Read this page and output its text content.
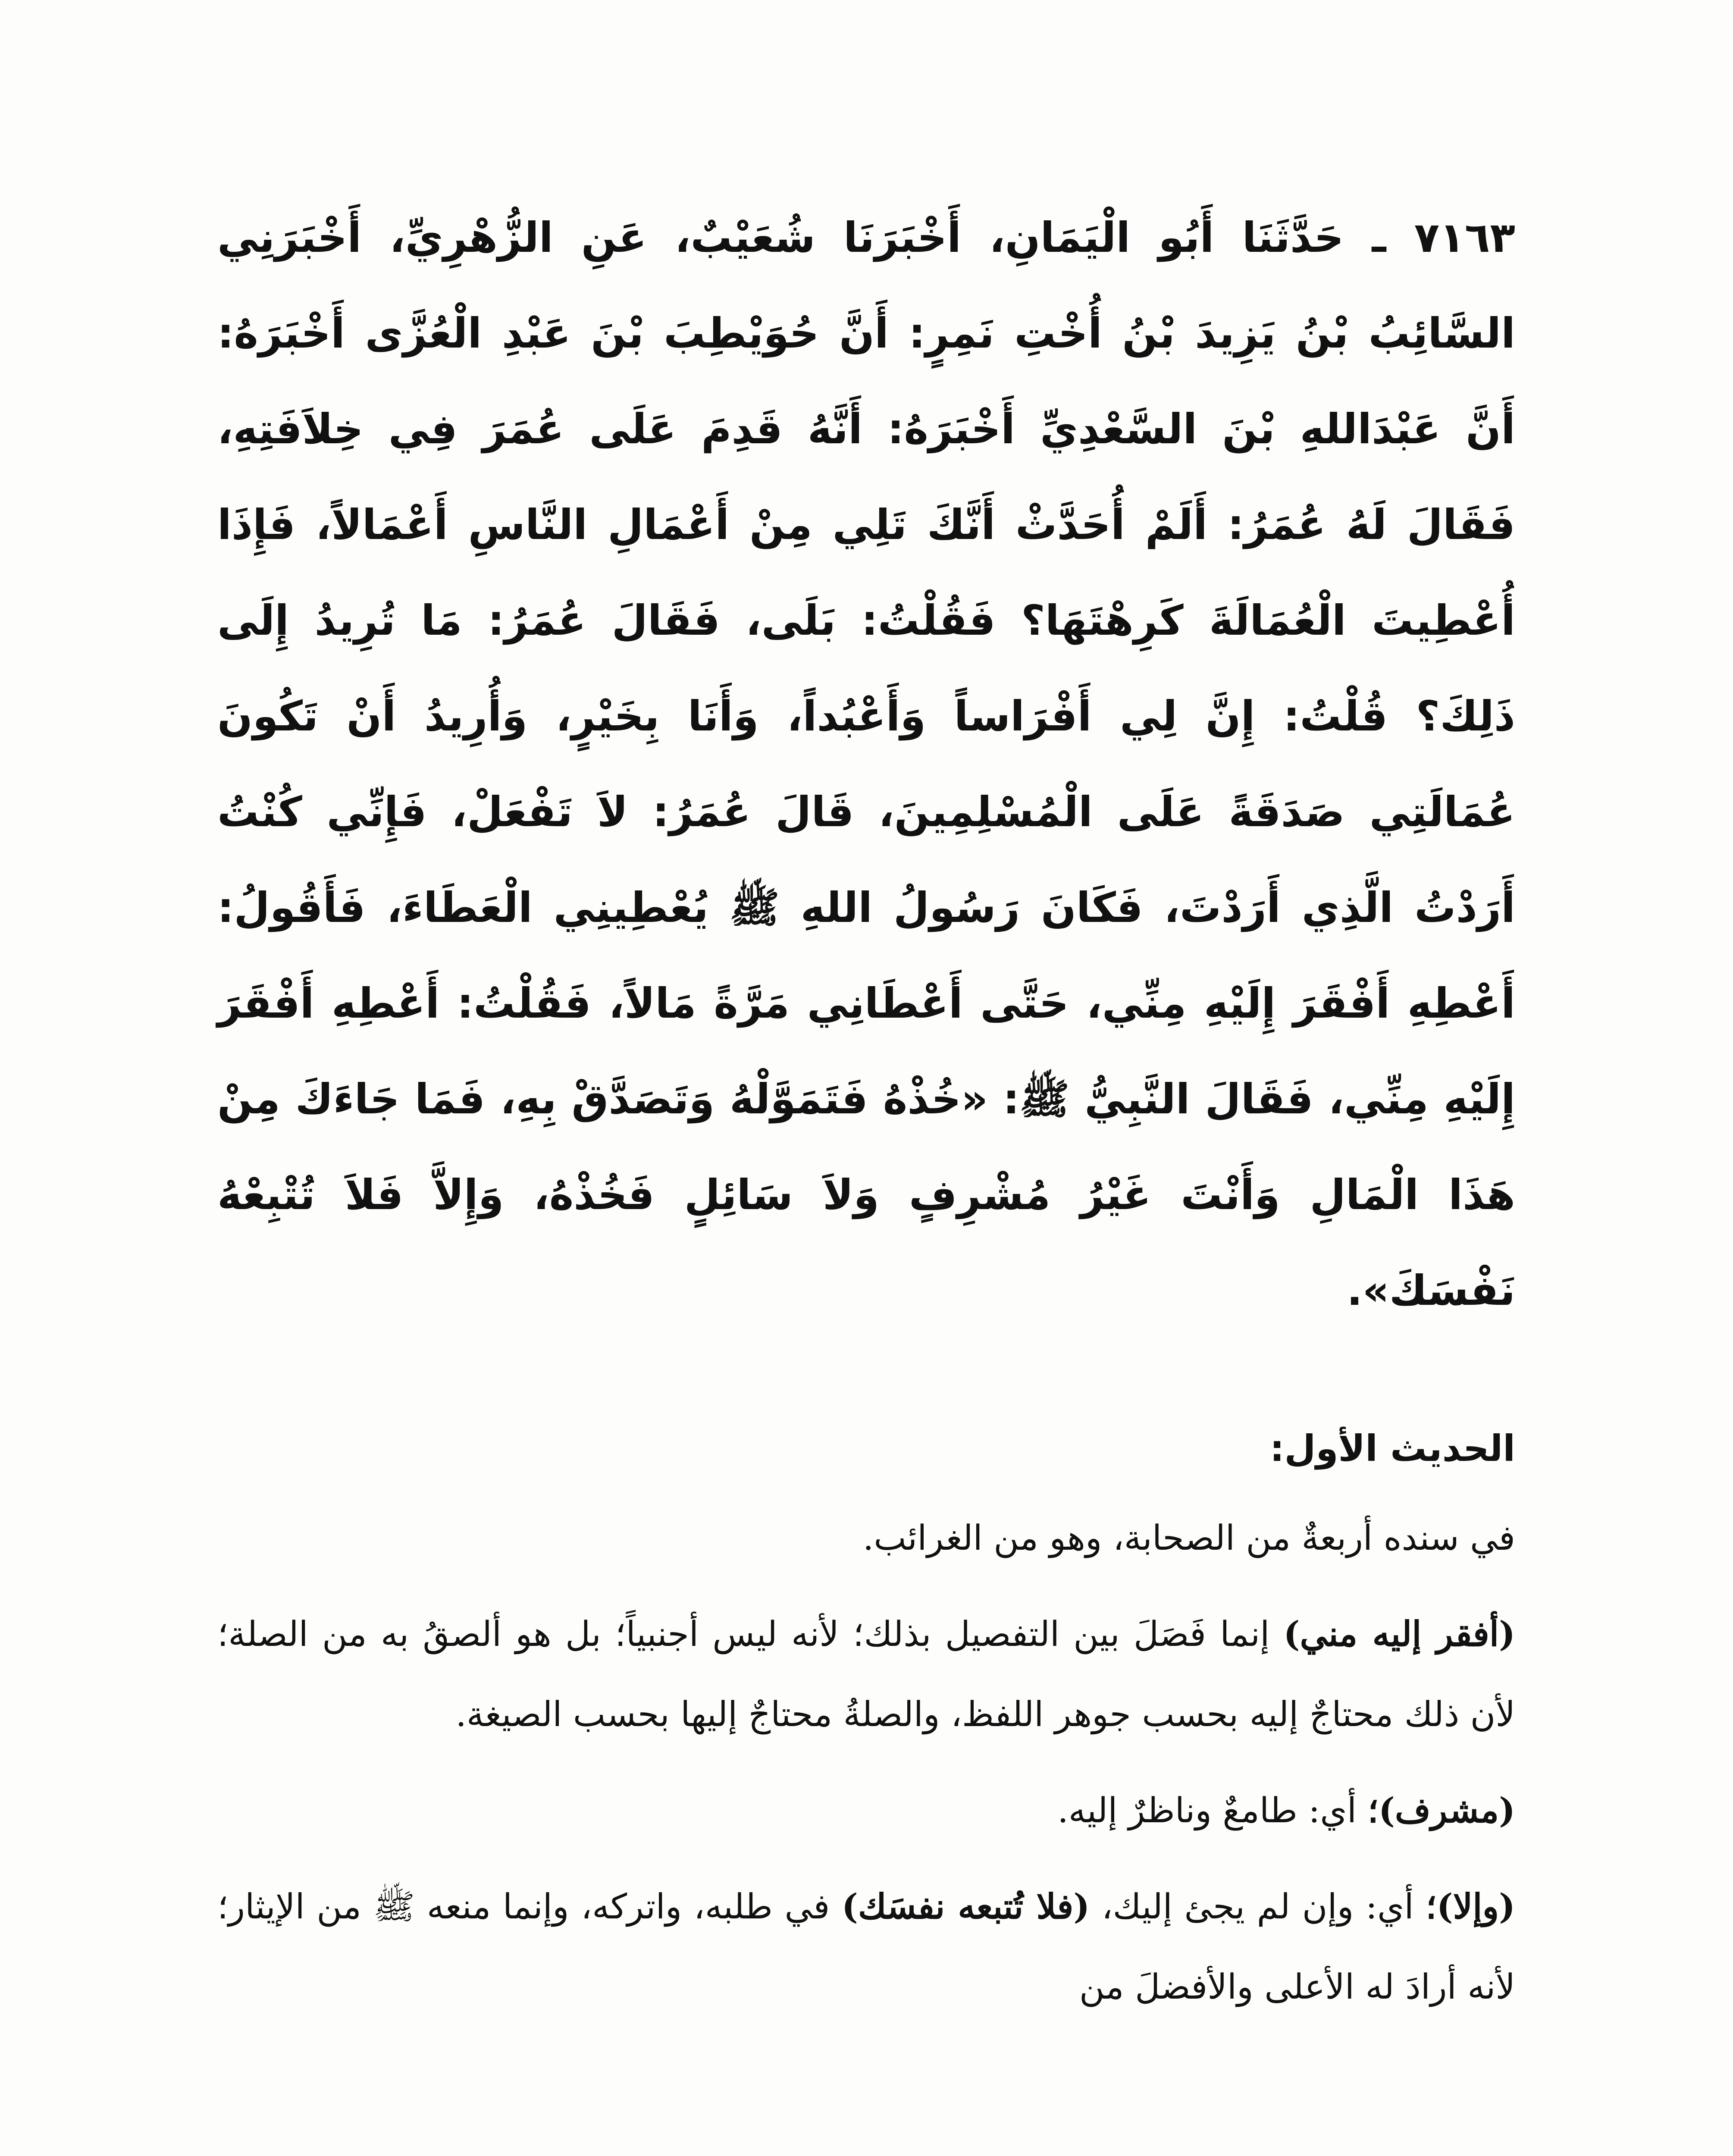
٧١٦٣ ـ حَدَّثَنَا أَبُو الْيَمَانِ، أَخْبَرَنَا شُعَيْبٌ، عَنِ الزُّهْرِيِّ، أَخْبَرَنِي السَّائِبُ بْنُ يَزِيدَ بْنُ أُخْتِ نَمِرٍ: أَنَّ حُوَيْطِبَ بْنَ عَبْدِ الْعُزَّى أَخْبَرَهُ: أَنَّ عَبْدَاللهِ بْنَ السَّعْدِيِّ أَخْبَرَهُ: أَنَّهُ قَدِمَ عَلَى عُمَرَ فِي خِلاَفَتِهِ، فَقَالَ لَهُ عُمَرُ: أَلَمْ أُحَدَّثْ أَنَّكَ تَلِي مِنْ أَعْمَالِ النَّاسِ أَعْمَالاً، فَإِذَا أُعْطِيتَ الْعُمَالَةَ كَرِهْتَهَا؟ فَقُلْتُ: بَلَى، فَقَالَ عُمَرُ: مَا تُرِيدُ إِلَى ذَلِكَ؟ قُلْتُ: إِنَّ لِي أَفْرَاساً وَأَعْبُداً، وَأَنَا بِخَيْرٍ، وَأُرِيدُ أَنْ تَكُونَ عُمَالَتِي صَدَقَةً عَلَى الْمُسْلِمِينَ، قَالَ عُمَرُ: لاَ تَفْعَلْ، فَإِنِّي كُنْتُ أَرَدْتُ الَّذِي أَرَدْتَ، فَكَانَ رَسُولُ اللهِ ﷺ يُعْطِينِي الْعَطَاءَ، فَأَقُولُ: أَعْطِهِ أَفْقَرَ إِلَيْهِ مِنِّي، حَتَّى أَعْطَانِي مَرَّةً مَالاً، فَقُلْتُ: أَعْطِهِ أَفْقَرَ إِلَيْهِ مِنِّي، فَقَالَ النَّبِيُّ ﷺ: «خُذْهُ فَتَمَوَّلْهُ وَتَصَدَّقْ بِهِ، فَمَا جَاءَكَ مِنْ هَذَا الْمَالِ وَأَنْتَ غَيْرُ مُشْرِفٍ وَلاَ سَائِلٍ فَخُذْهُ، وَإِلاَّ فَلاَ تُتْبِعْهُ نَفْسَكَ».

الحديث الأول:

في سنده أربعةٌ من الصحابة، وهو من الغرائب.

(أفقر إليه مني) إنما فَصَلَ بين التفصيل بذلك؛ لأنه ليس أجنبياً؛ بل هو ألصقُ به من الصلة؛ لأن ذلك محتاجٌ إليه بحسب جوهر اللفظ، والصلةُ محتاجٌ إليها بحسب الصيغة.

(مشرف)؛ أي: طامعٌ وناظرٌ إليه.

(وإلا)؛ أي: وإن لم يجئ إليك، (فلا تُتبعه نفسَك) في طلبه، واتركه، وإنما منعه ﷺ من الإيثار؛ لأنه أرادَ له الأعلى والأفضلَ من
